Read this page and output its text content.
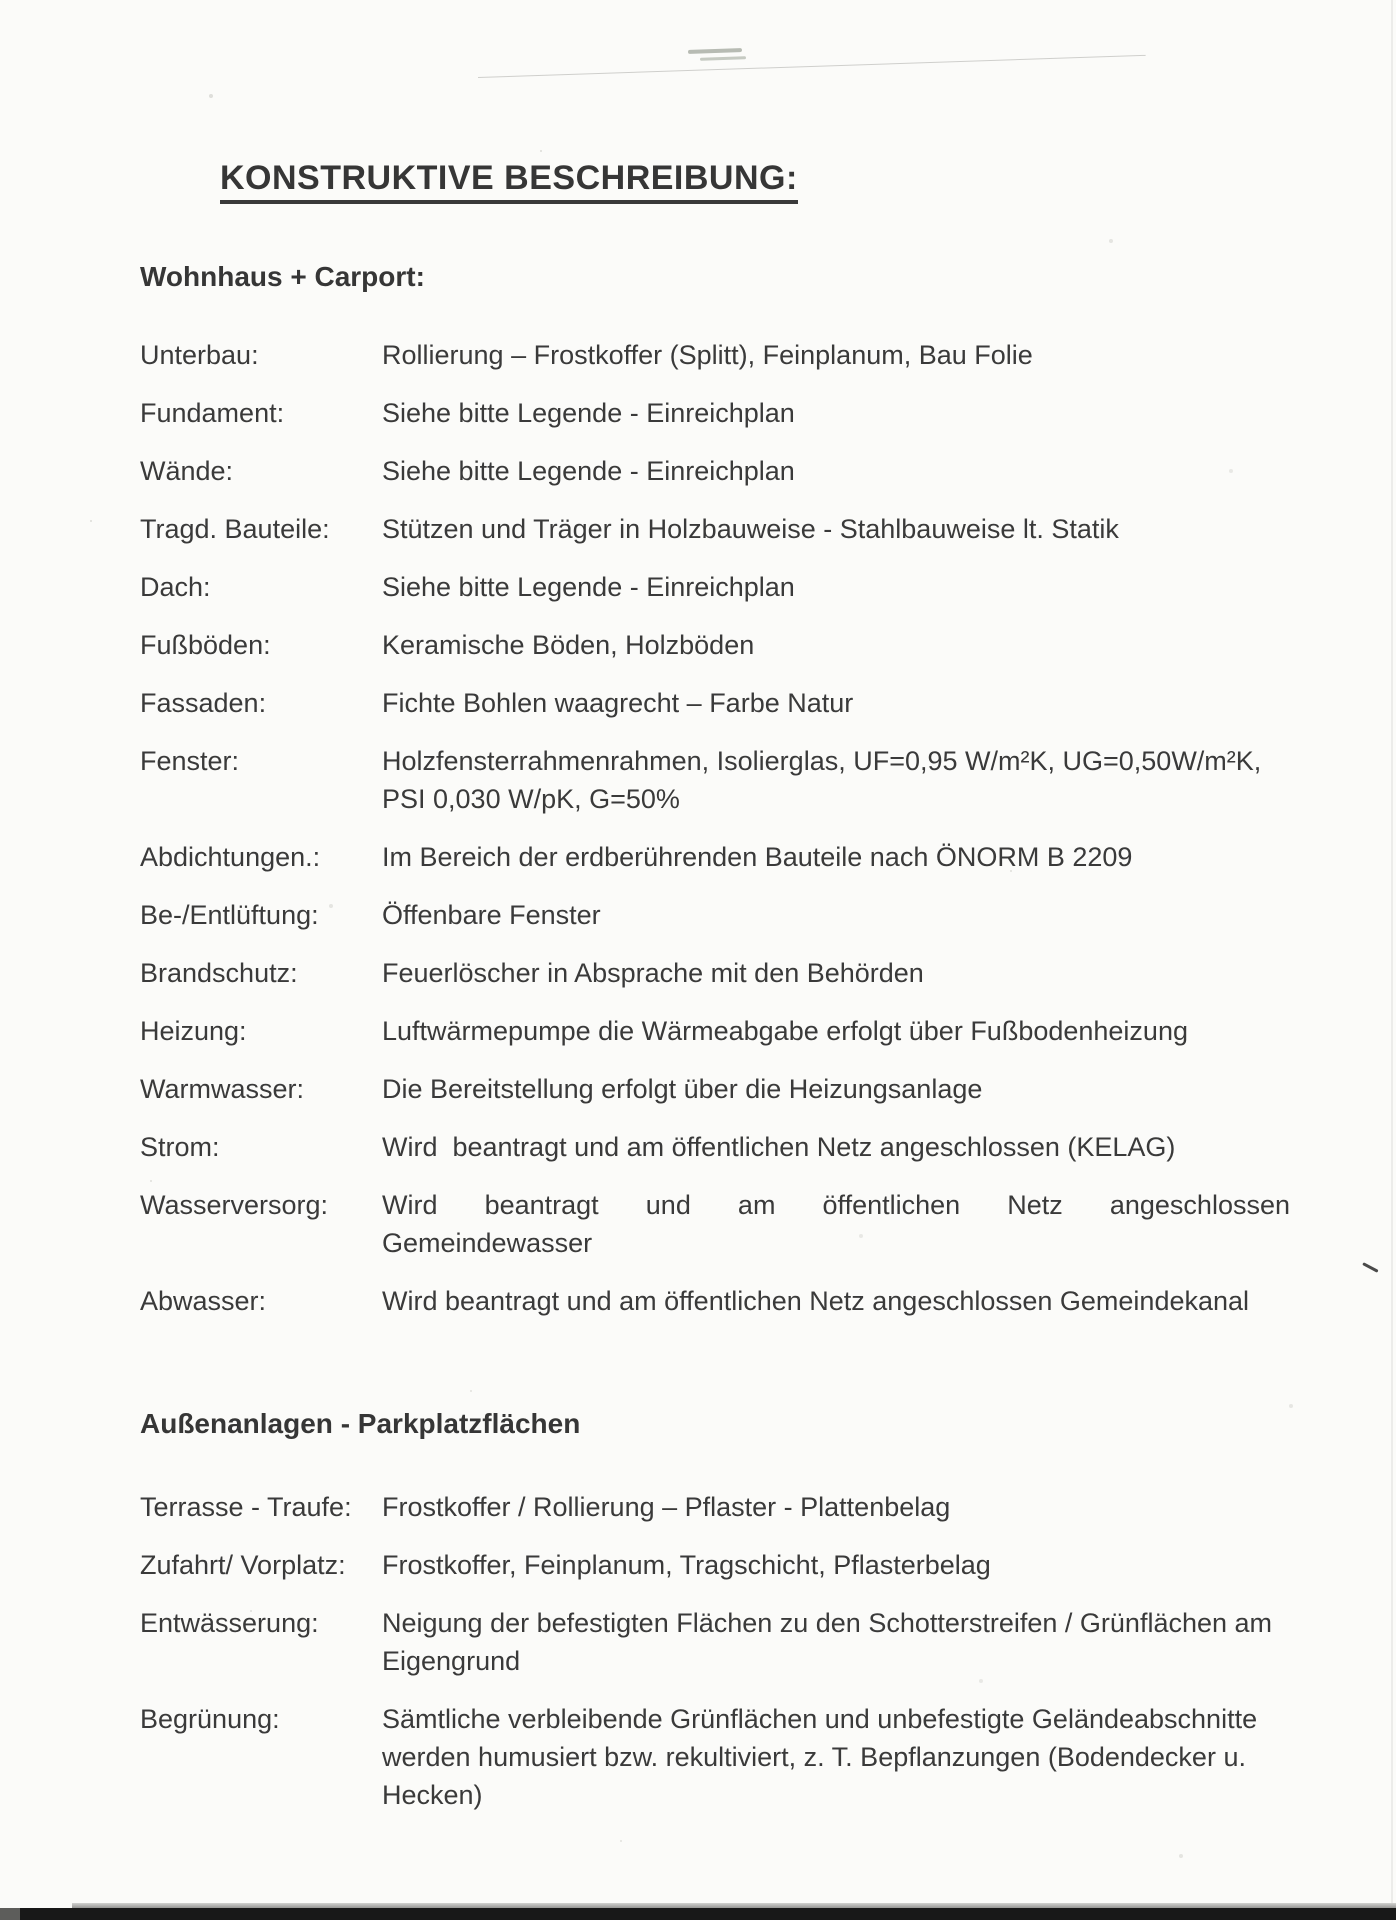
KONSTRUKTIVE BESCHREIBUNG:
Wohnhaus + Carport:
Unterbau:	Rollierung – Frostkoffer (Splitt), Feinplanum, Bau Folie
Fundament:	Siehe bitte Legende - Einreichplan
Wände:	Siehe bitte Legende - Einreichplan
Tragd. Bauteile:	Stützen und Träger in Holzbauweise - Stahlbauweise lt. Statik
Dach:	Siehe bitte Legende - Einreichplan
Fußböden:	Keramische Böden, Holzböden
Fassaden:	Fichte Bohlen waagrecht – Farbe Natur
Fenster:	Holzfensterrahmenrahmen, Isolierglas, UF=0,95 W/m²K, UG=0,50W/m²K,
PSI 0,030 W/pK, G=50%
Abdichtungen.:	Im Bereich der erdberührenden Bauteile nach ÖNORM B 2209
Be-/Entlüftung:	Öffenbare Fenster
Brandschutz:	Feuerlöscher in Absprache mit den Behörden
Heizung:	Luftwärmepumpe die Wärmeabgabe erfolgt über Fußbodenheizung
Warmwasser:	Die Bereitstellung erfolgt über die Heizungsanlage
Strom:	Wird  beantragt und am öffentlichen Netz angeschlossen (KELAG)
Wasserversorg:	Wird beantragt und am öffentlichen Netz angeschlossen
Gemeindewasser
Abwasser:	Wird beantragt und am öffentlichen Netz angeschlossen Gemeindekanal
Außenanlagen - Parkplatzflächen
Terrasse - Traufe:	Frostkoffer / Rollierung – Pflaster - Plattenbelag
Zufahrt/ Vorplatz:	Frostkoffer, Feinplanum, Tragschicht, Pflasterbelag
Entwässerung:	Neigung der befestigten Flächen zu den Schotterstreifen / Grünflächen am
Eigengrund
Begrünung:	Sämtliche verbleibende Grünflächen und unbefestigte Geländeabschnitte
werden humusiert bzw. rekultiviert, z. T. Bepflanzungen (Bodendecker u.
Hecken)
